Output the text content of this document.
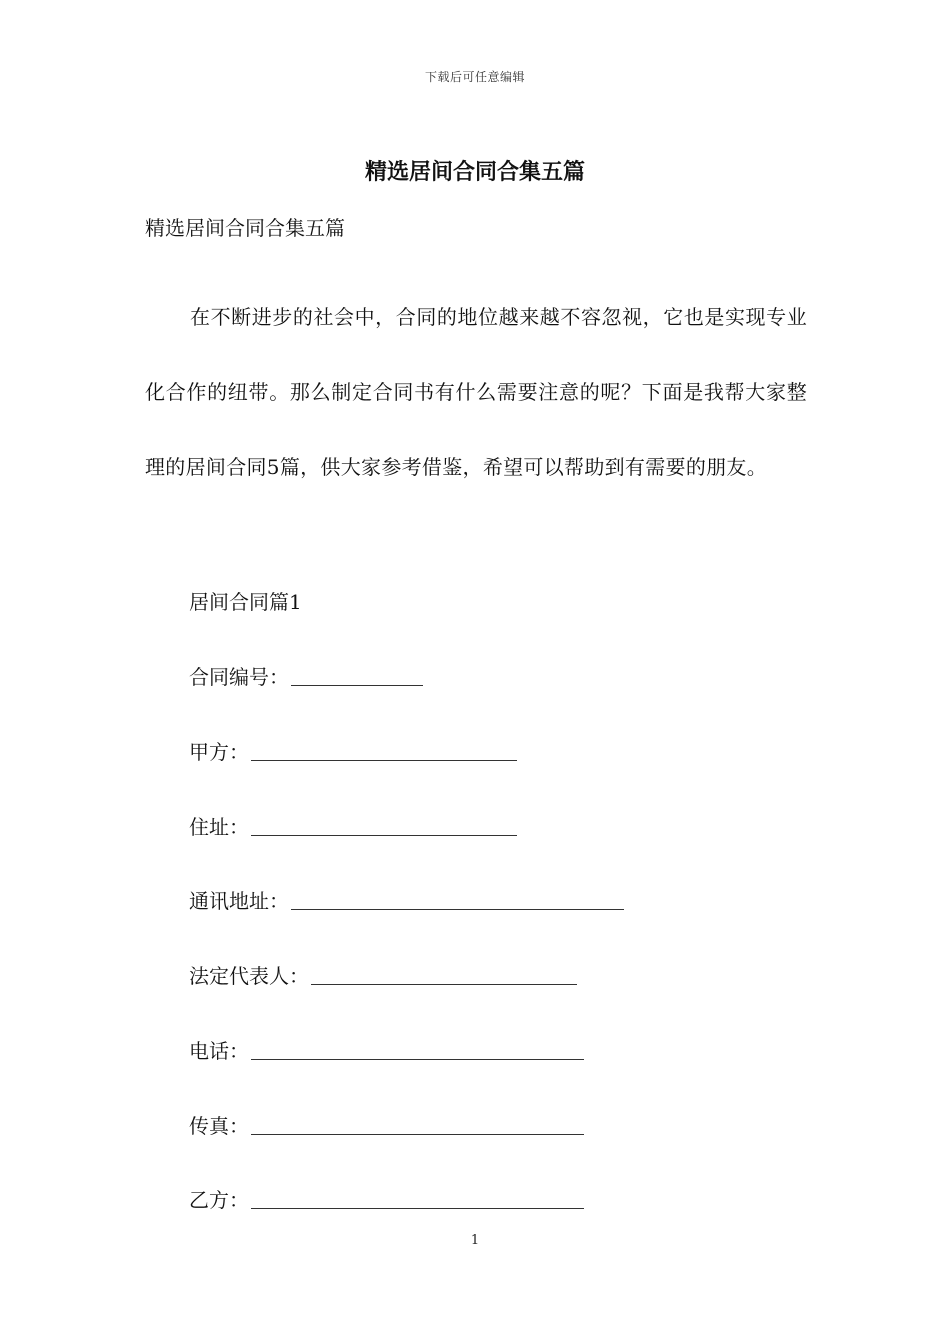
下载后可任意编辑
精选居间合同合集五篇
精选居间合同合集五篇
在不断进步的社会中，合同的地位越来越不容忽视，它也是实现专业化合作的纽带。那么制定合同书有什么需要注意的呢？下面是我帮大家整理的居间合同5篇，供大家参考借鉴，希望可以帮助到有需要的朋友。
居间合同篇1
合同编号：
甲方：
住址：
通讯地址：
法定代表人：
电话：
传真：
乙方：
1
